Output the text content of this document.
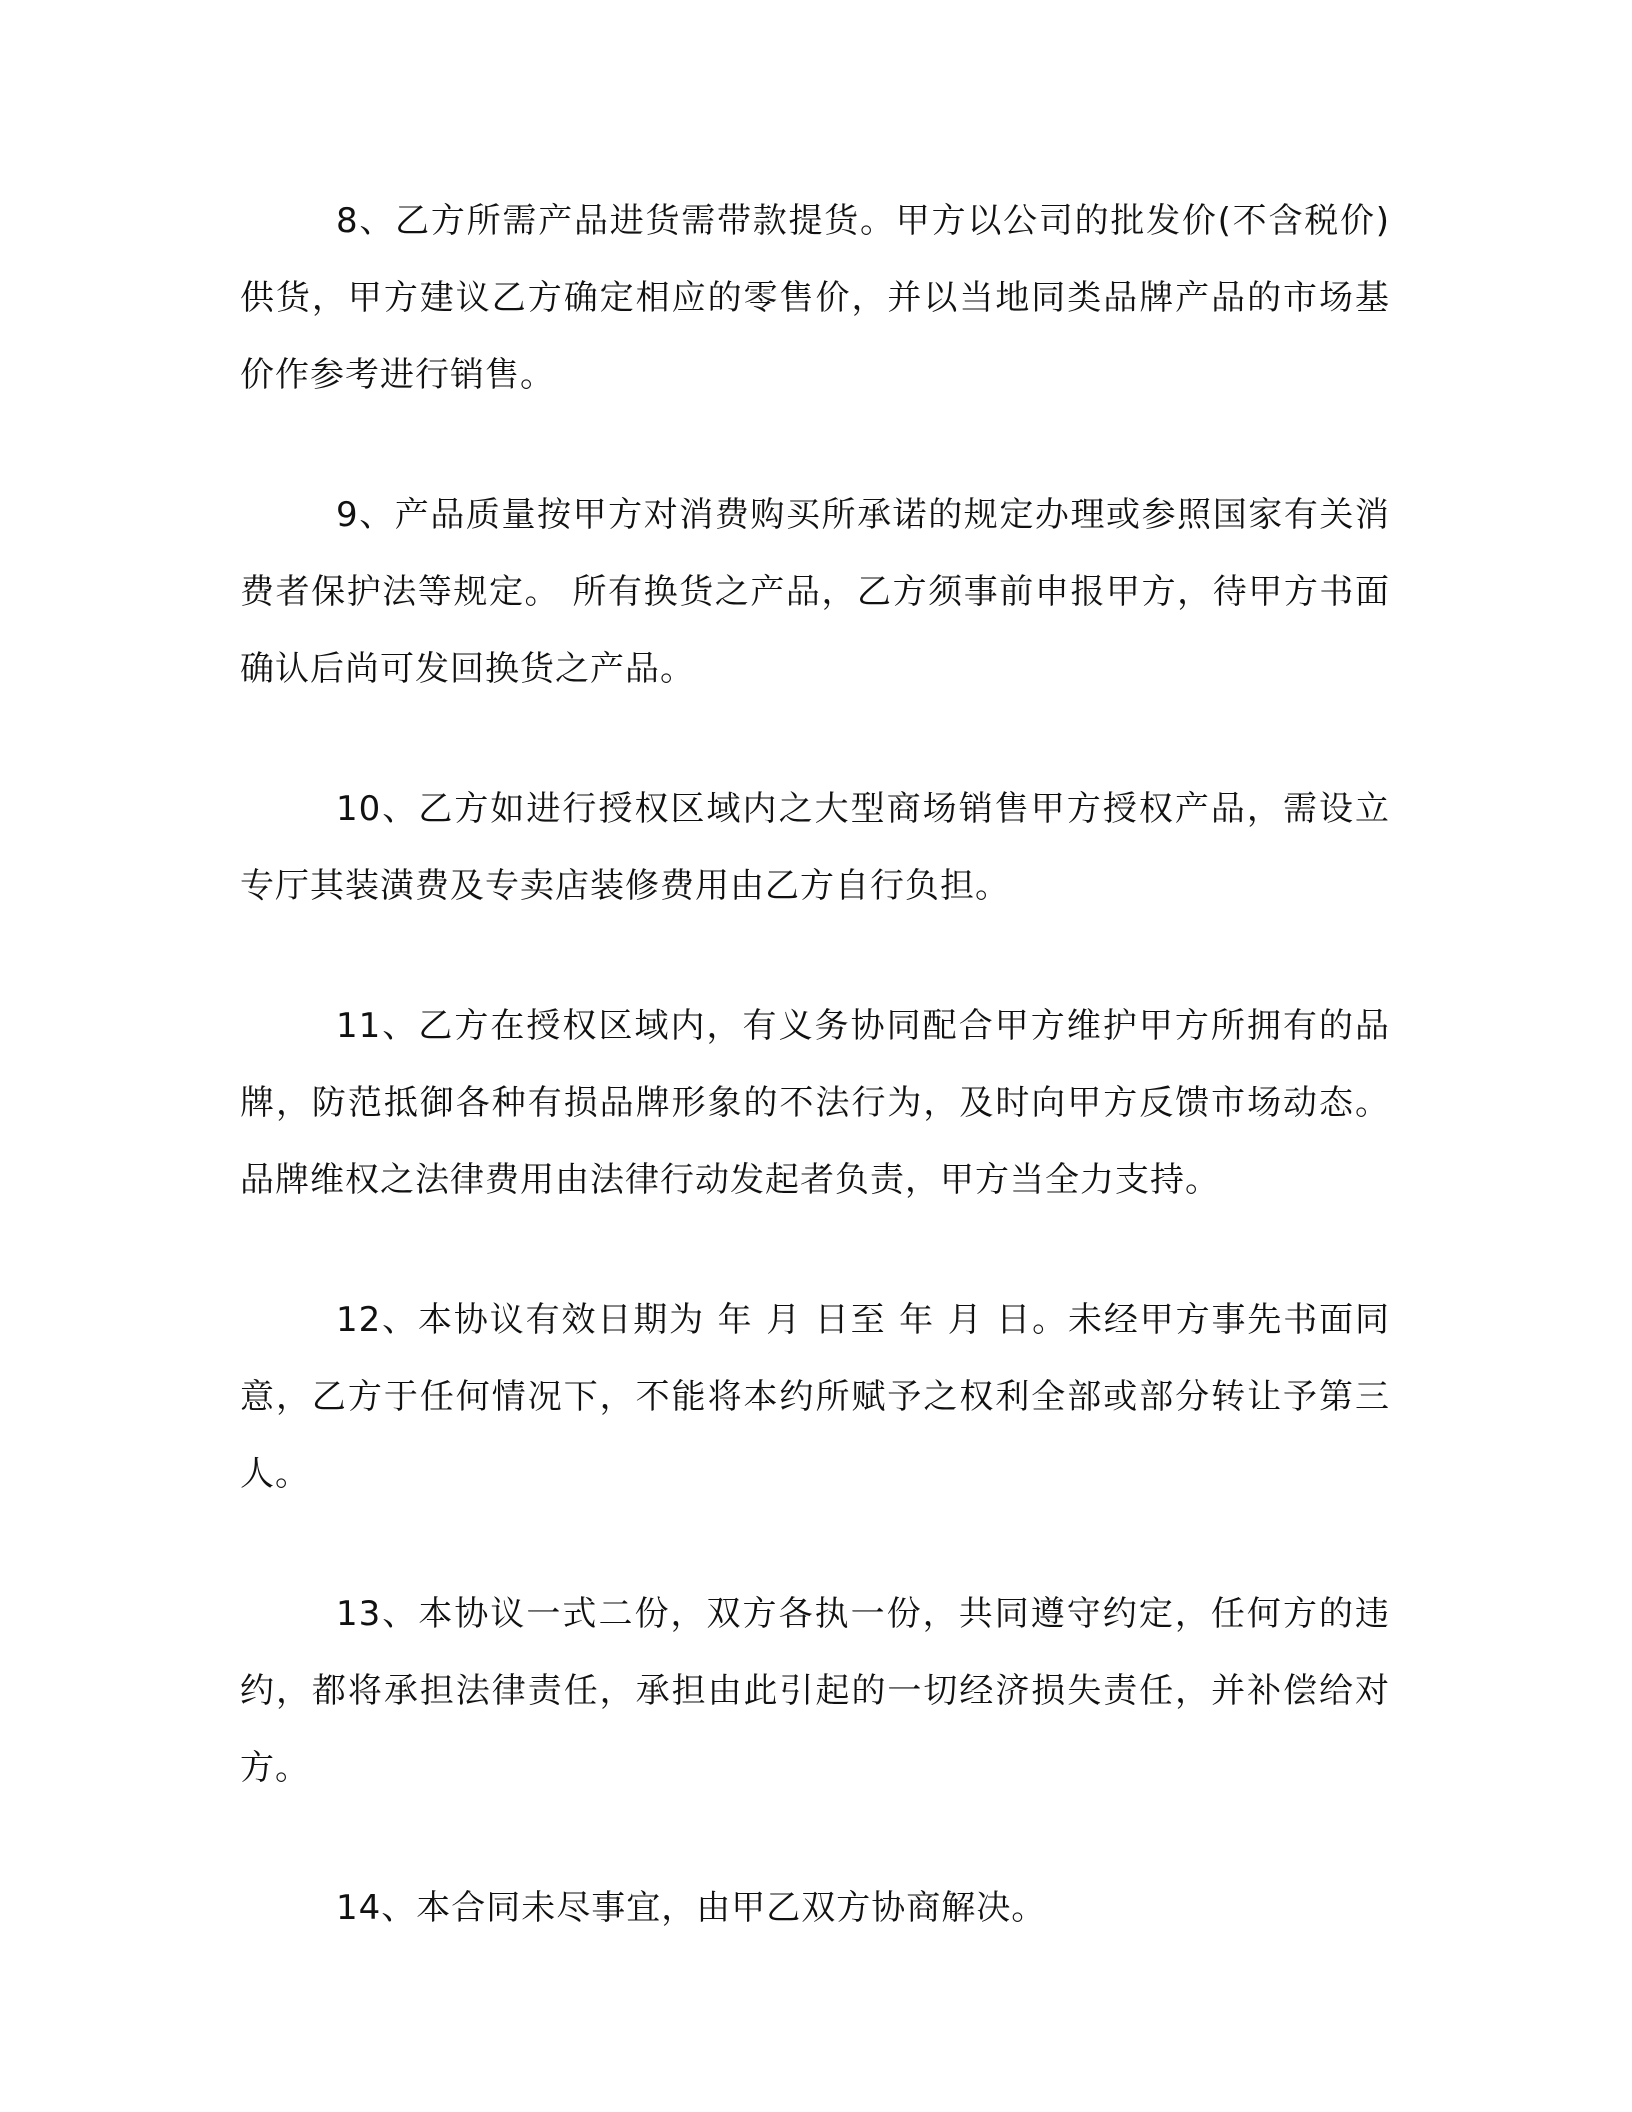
8、乙方所需产品进货需带款提货。甲方以公司的批发价(不含税价)供货，甲方建议乙方确定相应的零售价，并以当地同类品牌产品的市场基价作参考进行销售。

9、产品质量按甲方对消费购买所承诺的规定办理或参照国家有关消费者保护法等规定。 所有换货之产品，乙方须事前申报甲方，待甲方书面确认后尚可发回换货之产品。

10、乙方如进行授权区域内之大型商场销售甲方授权产品，需设立专厅其装潢费及专卖店装修费用由乙方自行负担。

11、乙方在授权区域内，有义务协同配合甲方维护甲方所拥有的品牌，防范抵御各种有损品牌形象的不法行为，及时向甲方反馈市场动态。品牌维权之法律费用由法律行动发起者负责，甲方当全力支持。

12、本协议有效日期为 年 月 日至 年 月 日。未经甲方事先书面同意，乙方于任何情况下，不能将本约所赋予之权利全部或部分转让予第三人。

13、本协议一式二份，双方各执一份，共同遵守约定，任何方的违约，都将承担法律责任，承担由此引起的一切经济损失责任，并补偿给对方。

14、本合同未尽事宜，由甲乙双方协商解决。
